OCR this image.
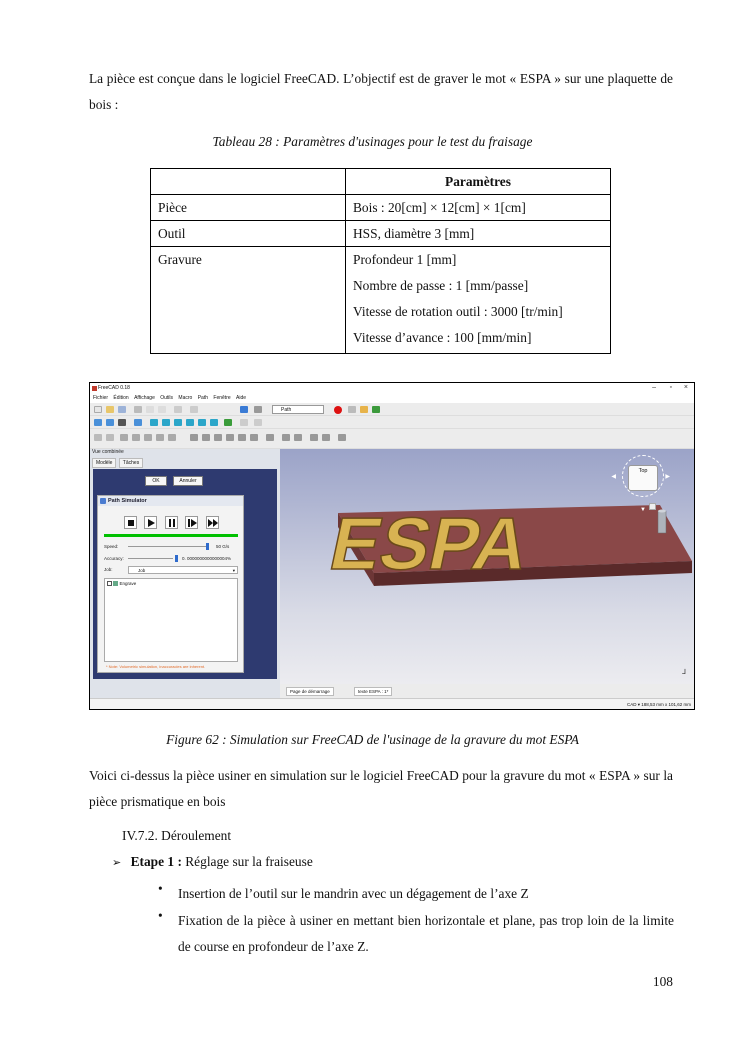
La pièce est conçue dans le logiciel FreeCAD. L’objectif est de graver le mot « ESPA » sur une plaquette de bois :

Tableau 28 : Paramètres d'usinages pour le test du fraisage
	Paramètres
Pièce	Bois : 20[cm] × 12[cm] × 1[cm]
Outil	HSS, diamètre 3 [mm]
Gravure	Profondeur 1 [mm]
Nombre de passe : 1 [mm/passe]
Vitesse de rotation outil : 3000 [tr/min]
Vitesse d’avance : 100 [mm/min]
FreeCAD 0.18	– ▫ ×
Fichier Édition Affichage Outils Macro Path Fenêtre Aide
Path
Vue combinée
Modèle Tâches
OK	Annuler
Path Simulator

Speed:	50 G/s
Accuracy:	0. 0000000000000004%
Job:	Job	▾
Engrave
* Note: Volumetric simulation, inaccuracies are inherent.
ESPA
Top
◀	▶
▼
⅃
Page de démarrage	texte ESPA : 1*
CAD ▾ 188,53 mm x 101,62 mm
Figure 62 : Simulation sur FreeCAD de l'usinage de la gravure du mot ESPA

Voici ci-dessus la pièce usiner en simulation sur le logiciel FreeCAD pour la gravure du mot « ESPA » sur la pièce prismatique en bois

IV.7.2. Déroulement
➢ Etape 1 : Réglage sur la fraiseuse
• Insertion de l’outil sur le mandrin avec un dégagement de l’axe Z
• Fixation de la pièce à usiner en mettant bien horizontale et plane, pas trop loin de la limite de course en profondeur de l’axe Z.
108
